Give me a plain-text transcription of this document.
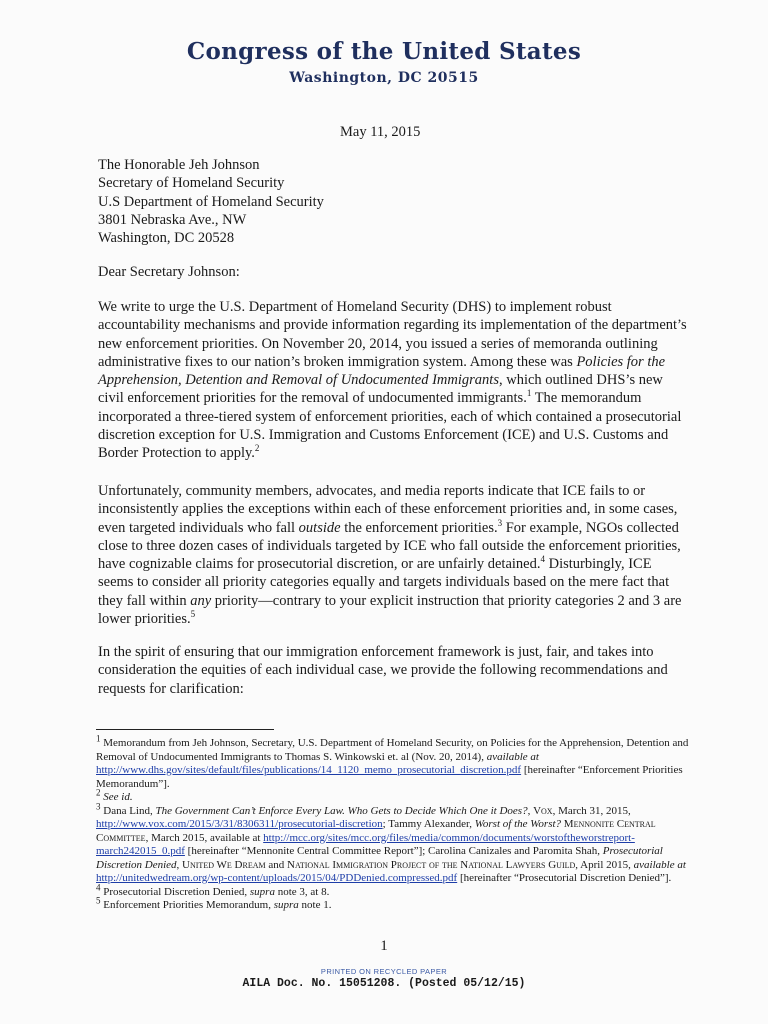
Congress of the United States
Washington, DC 20515
May 11, 2015
The Honorable Jeh Johnson
Secretary of Homeland Security
U.S Department of Homeland Security
3801 Nebraska Ave., NW
Washington, DC 20528
Dear Secretary Johnson:

We write to urge the U.S. Department of Homeland Security (DHS) to implement robust accountability mechanisms and provide information regarding its implementation of the department’s new enforcement priorities. On November 20, 2014, you issued a series of memoranda outlining administrative fixes to our nation’s broken immigration system. Among these was Policies for the Apprehension, Detention and Removal of Undocumented Immigrants, which outlined DHS’s new civil enforcement priorities for the removal of undocumented immigrants.$^1$ The memorandum incorporated a three-tiered system of enforcement priorities, each of which contained a prosecutorial discretion exception for U.S. Immigration and Customs Enforcement (ICE) and U.S. Customs and Border Protection to apply.$^2$

Unfortunately, community members, advocates, and media reports indicate that ICE fails to or inconsistently applies the exceptions within each of these enforcement priorities and, in some cases, even targeted individuals who fall outside the enforcement priorities.$^3$ For example, NGOs collected close to three dozen cases of individuals targeted by ICE who fall outside the enforcement priorities, have cognizable claims for prosecutorial discretion, or are unfairly detained.$^4$ Disturbingly, ICE seems to consider all priority categories equally and targets individuals based on the mere fact that they fall within any priority—contrary to your explicit instruction that priority categories 2 and 3 are lower priorities.$^5$

In the spirit of ensuring that our immigration enforcement framework is just, fair, and takes into consideration the equities of each individual case, we provide the following recommendations and requests for clarification:

$^1$ Memorandum from Jeh Johnson, Secretary, U.S. Department of Homeland Security, on Policies for the Apprehension, Detention and Removal of Undocumented Immigrants to Thomas S. Winkowski et. al (Nov. 20, 2014), available at http://www.dhs.gov/sites/default/files/publications/14_1120_memo_prosecutorial_discretion.pdf [hereinafter “Enforcement Priorities Memorandum”].

$^2$ See id.

$^3$ Dana Lind, The Government Can’t Enforce Every Law. Who Gets to Decide Which One it Does?, Vox, March 31, 2015, http://www.vox.com/2015/3/31/8306311/prosecutorial-discretion; Tammy Alexander, Worst of the Worst? Mennonite Central Committee, March 2015, available at http://mcc.org/sites/mcc.org/files/media/common/documents/worstoftheworstreport-march242015_0.pdf [hereinafter “Mennonite Central Committee Report”]; Carolina Canizales and Paromita Shah, Prosecutorial Discretion Denied, United We Dream and National Immigration Project of the National Lawyers Guild, April 2015, available at http://unitedwedream.org/wp-content/uploads/2015/04/PDDenied.compressed.pdf [hereinafter “Prosecutorial Discretion Denied”].

$^4$ Prosecutorial Discretion Denied, supra note 3, at 8.

$^5$ Enforcement Priorities Memorandum, supra note 1.

1
PRINTED ON RECYCLED PAPER
AILA Doc. No. 15051208. (Posted 05/12/15)
